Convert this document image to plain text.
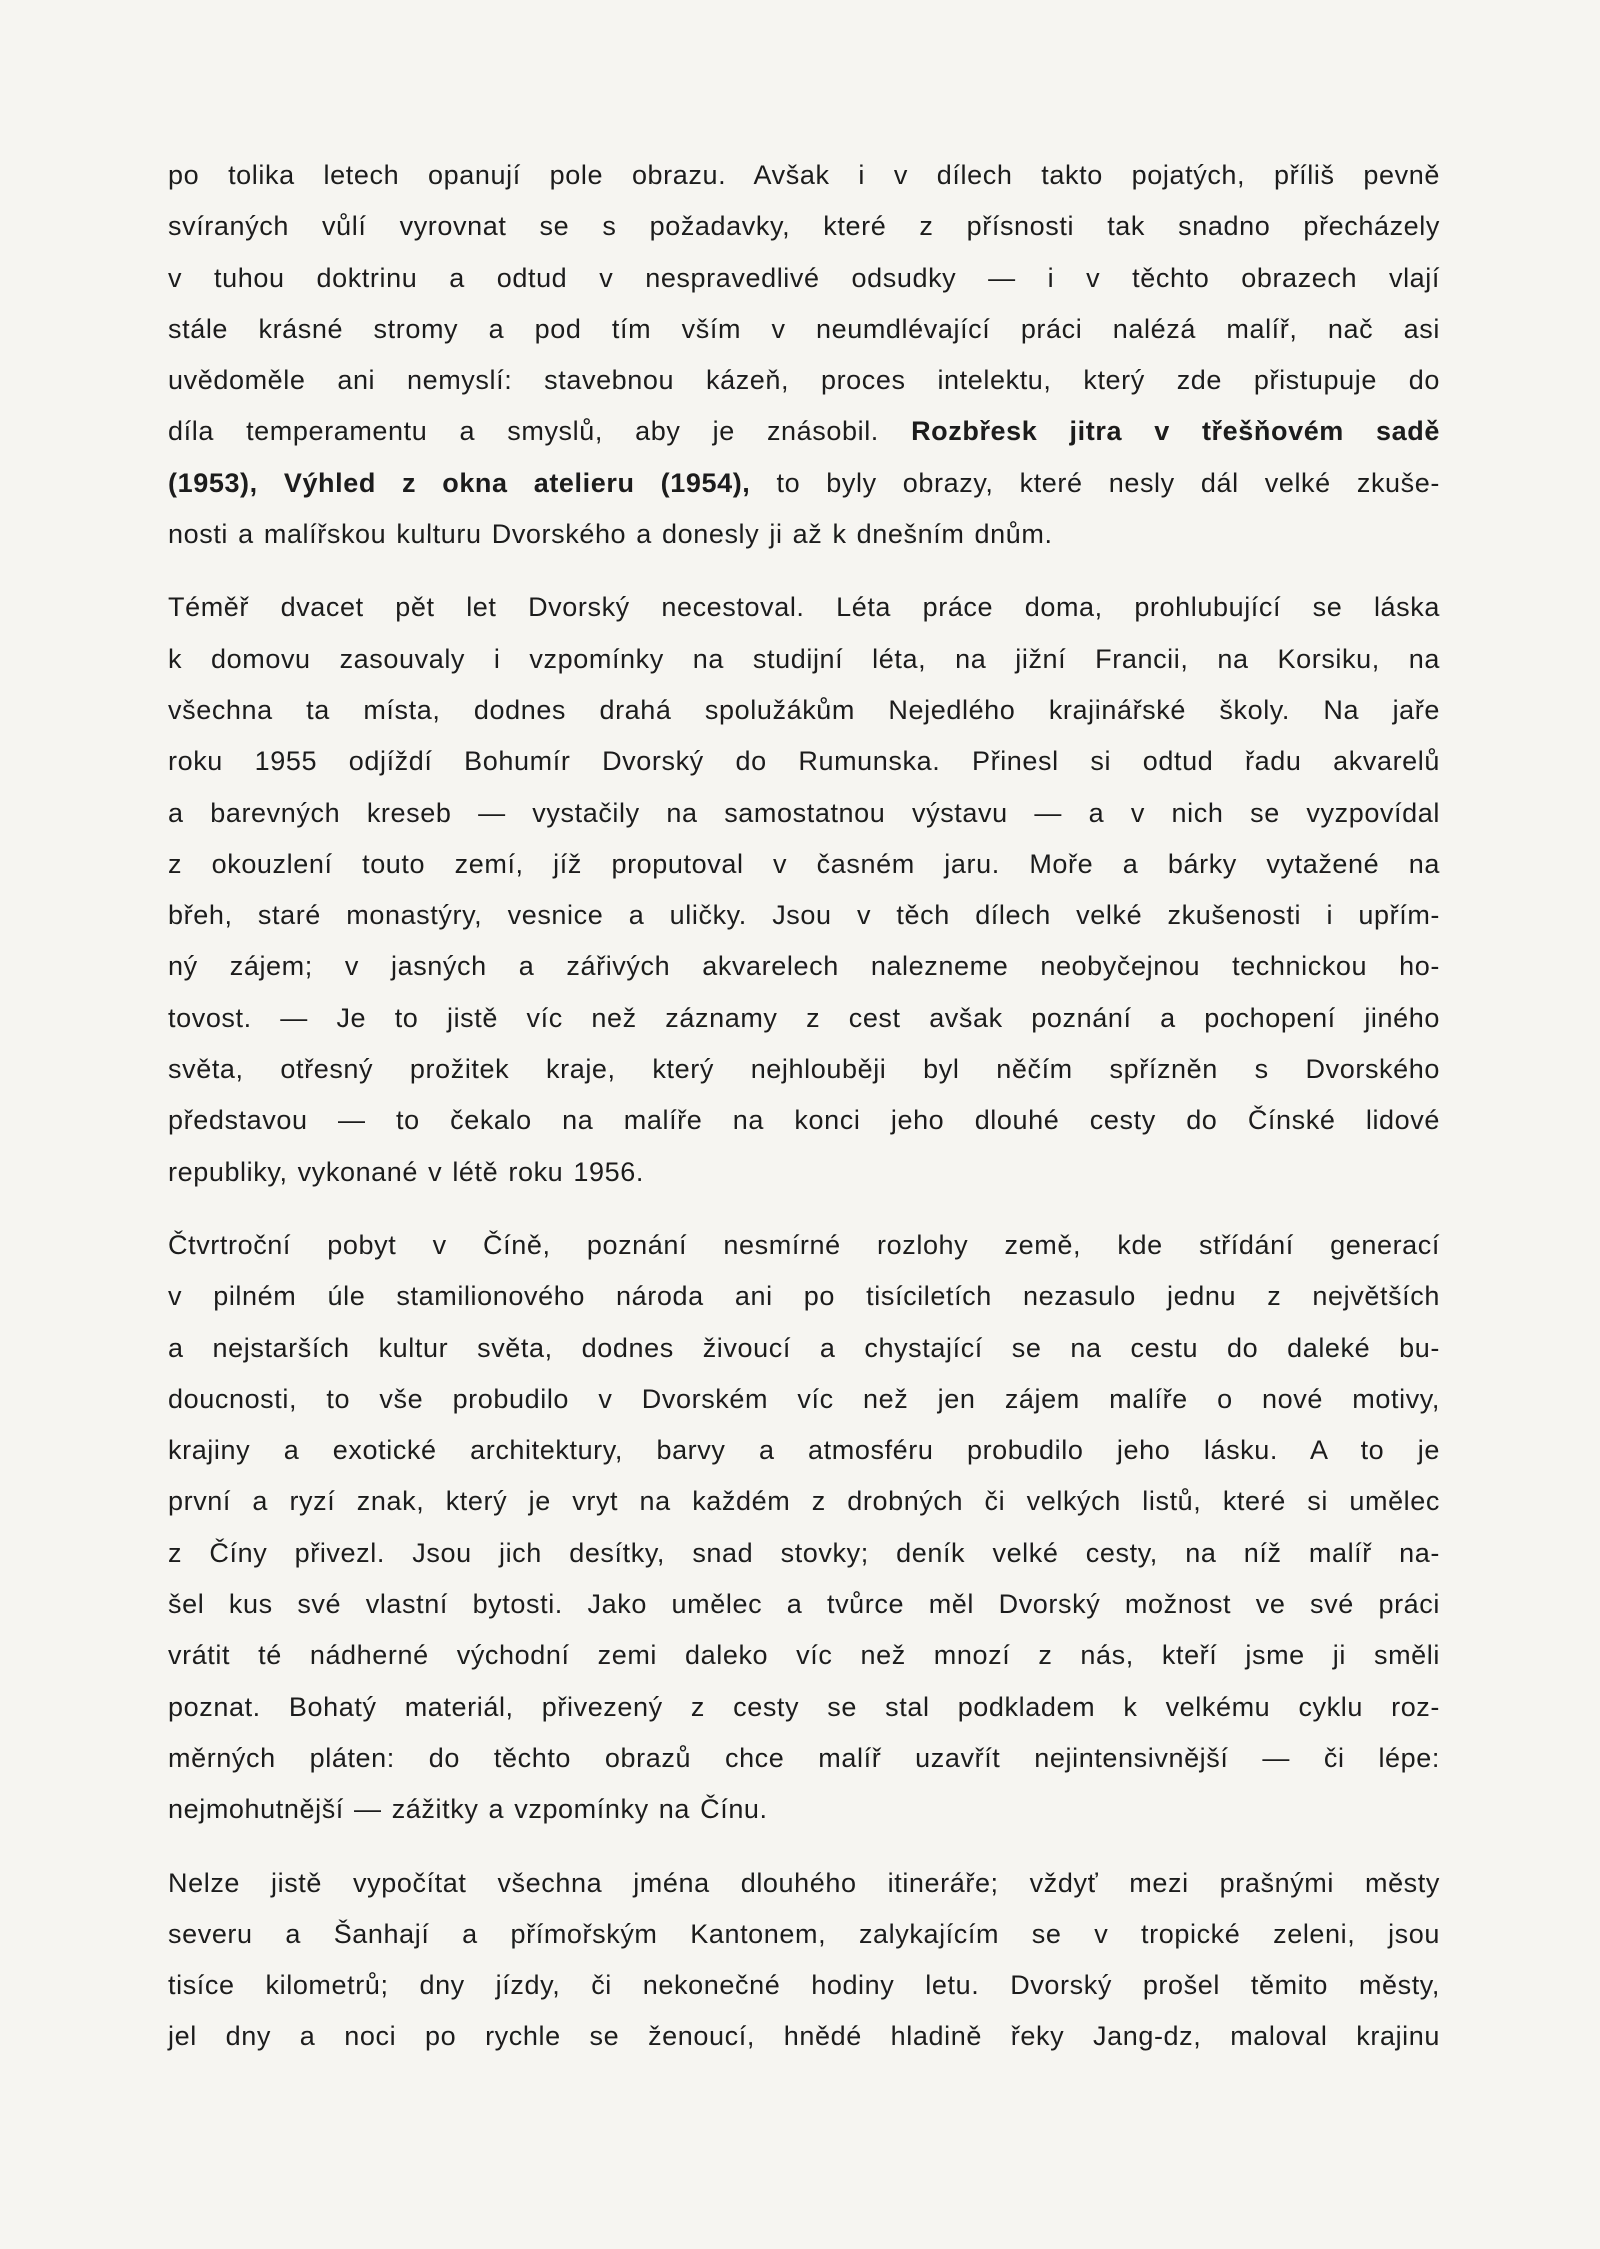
po tolika letech opanují pole obrazu. Avšak i v dílech takto pojatých, příliš pevně
svíraných vůlí vyrovnat se s požadavky, které z přísnosti tak snadno přecházely
v tuhou doktrinu a odtud v nespravedlivé odsudky — i v těchto obrazech vlají
stále krásné stromy a pod tím vším v neumdlévající práci nalézá malíř, nač asi
uvědoměle ani nemyslí: stavebnou kázeň, proces intelektu, který zde přistupuje do
díla temperamentu a smyslů, aby je znásobil. Rozbřesk jitra v třešňovém sadě
(1953), Výhled z okna atelieru (1954), to byly obrazy, které nesly dál velké zkuše-
nosti a malířskou kulturu Dvorského a donesly ji až k dnešním dnům.
Téměř dvacet pět let Dvorský necestoval. Léta práce doma, prohlubující se láska
k domovu zasouvaly i vzpomínky na studijní léta, na jižní Francii, na Korsiku, na
všechna ta místa, dodnes drahá spolužákům Nejedlého krajinářské školy. Na jaře
roku 1955 odjíždí Bohumír Dvorský do Rumunska. Přinesl si odtud řadu akvarelů
a barevných kreseb — vystačily na samostatnou výstavu — a v nich se vyzpovídal
z okouzlení touto zemí, jíž proputoval v časném jaru. Moře a bárky vytažené na
břeh, staré monastýry, vesnice a uličky. Jsou v těch dílech velké zkušenosti i upřím-
ný zájem; v jasných a zářivých akvarelech nalezneme neobyčejnou technickou ho-
tovost. — Je to jistě víc než záznamy z cest avšak poznání a pochopení jiného
světa, otřesný prožitek kraje, který nejhlouběji byl něčím spřízněn s Dvorského
představou — to čekalo na malíře na konci jeho dlouhé cesty do Čínské lidové
republiky, vykonané v létě roku 1956.
Čtvrtroční pobyt v Číně, poznání nesmírné rozlohy země, kde střídání generací
v pilném úle stamilionového národa ani po tisíciletích nezasulo jednu z největších
a nejstarších kultur světa, dodnes živoucí a chystající se na cestu do daleké bu-
doucnosti, to vše probudilo v Dvorském víc než jen zájem malíře o nové motivy,
krajiny a exotické architektury, barvy a atmosféru probudilo jeho lásku. A to je
první a ryzí znak, který je vryt na každém z drobných či velkých listů, které si umělec
z Číny přivezl. Jsou jich desítky, snad stovky; deník velké cesty, na níž malíř na-
šel kus své vlastní bytosti. Jako umělec a tvůrce měl Dvorský možnost ve své práci
vrátit té nádherné východní zemi daleko víc než mnozí z nás, kteří jsme ji směli
poznat. Bohatý materiál, přivezený z cesty se stal podkladem k velkému cyklu roz-
měrných pláten: do těchto obrazů chce malíř uzavřít nejintensivnější — či lépe:
nejmohutnější — zážitky a vzpomínky na Čínu.
Nelze jistě vypočítat všechna jména dlouhého itineráře; vždyť mezi prašnými městy
severu a Šanhají a přímořským Kantonem, zalykajícím se v tropické zeleni, jsou
tisíce kilometrů; dny jízdy, či nekonečné hodiny letu. Dvorský prošel těmito městy,
jel dny a noci po rychle se ženoucí, hnědé hladině řeky Jang-dz, maloval krajinu
